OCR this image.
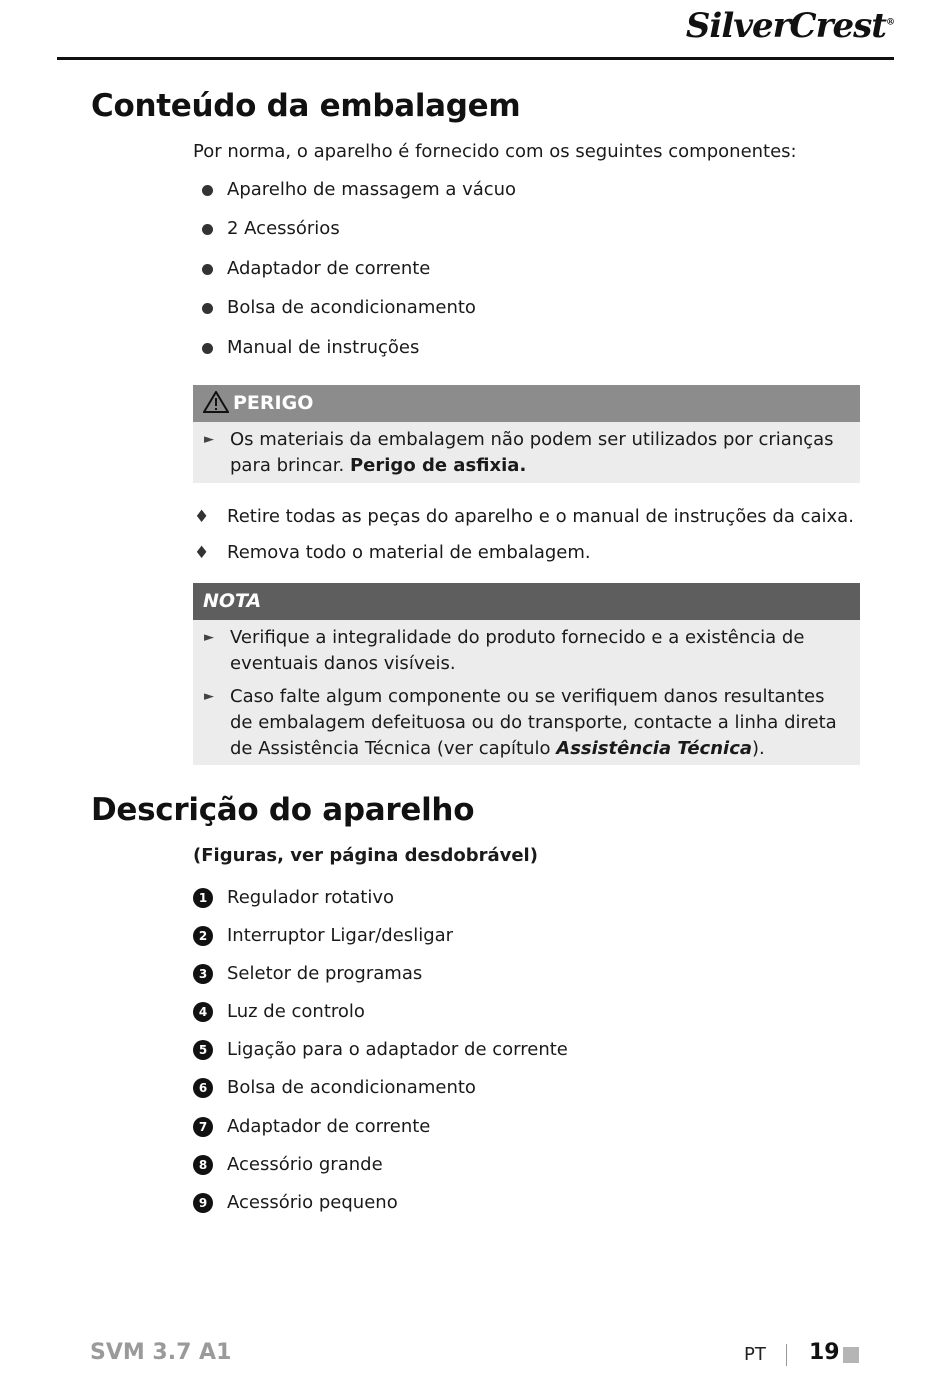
SilverCrest®
Conteúdo da embalagem
Por norma, o aparelho é fornecido com os seguintes componentes:
Aparelho de massagem a vácuo
2 Acessórios
Adaptador de corrente
Bolsa de acondicionamento
Manual de instruções
PERIGO
► Os materiais da embalagem não podem ser utilizados por crianças para brincar. Perigo de asfixia.
♦ Retire todas as peças do aparelho e o manual de instruções da caixa.
♦ Remova todo o material de embalagem.
NOTA
► Verifique a integralidade do produto fornecido e a existência de eventuais danos visíveis.
► Caso falte algum componente ou se verifiquem danos resultantes de embalagem defeituosa ou do transporte, contacte a linha direta de Assistência Técnica (ver capítulo Assistência Técnica).
Descrição do aparelho
(Figuras, ver página desdobrável)
1	Regulador rotativo
2	Interruptor Ligar/desligar
3	Seletor de programas
4	Luz de controlo
5	Ligação para o adaptador de corrente
6	Bolsa de acondicionamento
7	Adaptador de corrente
8	Acessório grande
9	Acessório pequeno
SVM 3.7 A1	PT 19
